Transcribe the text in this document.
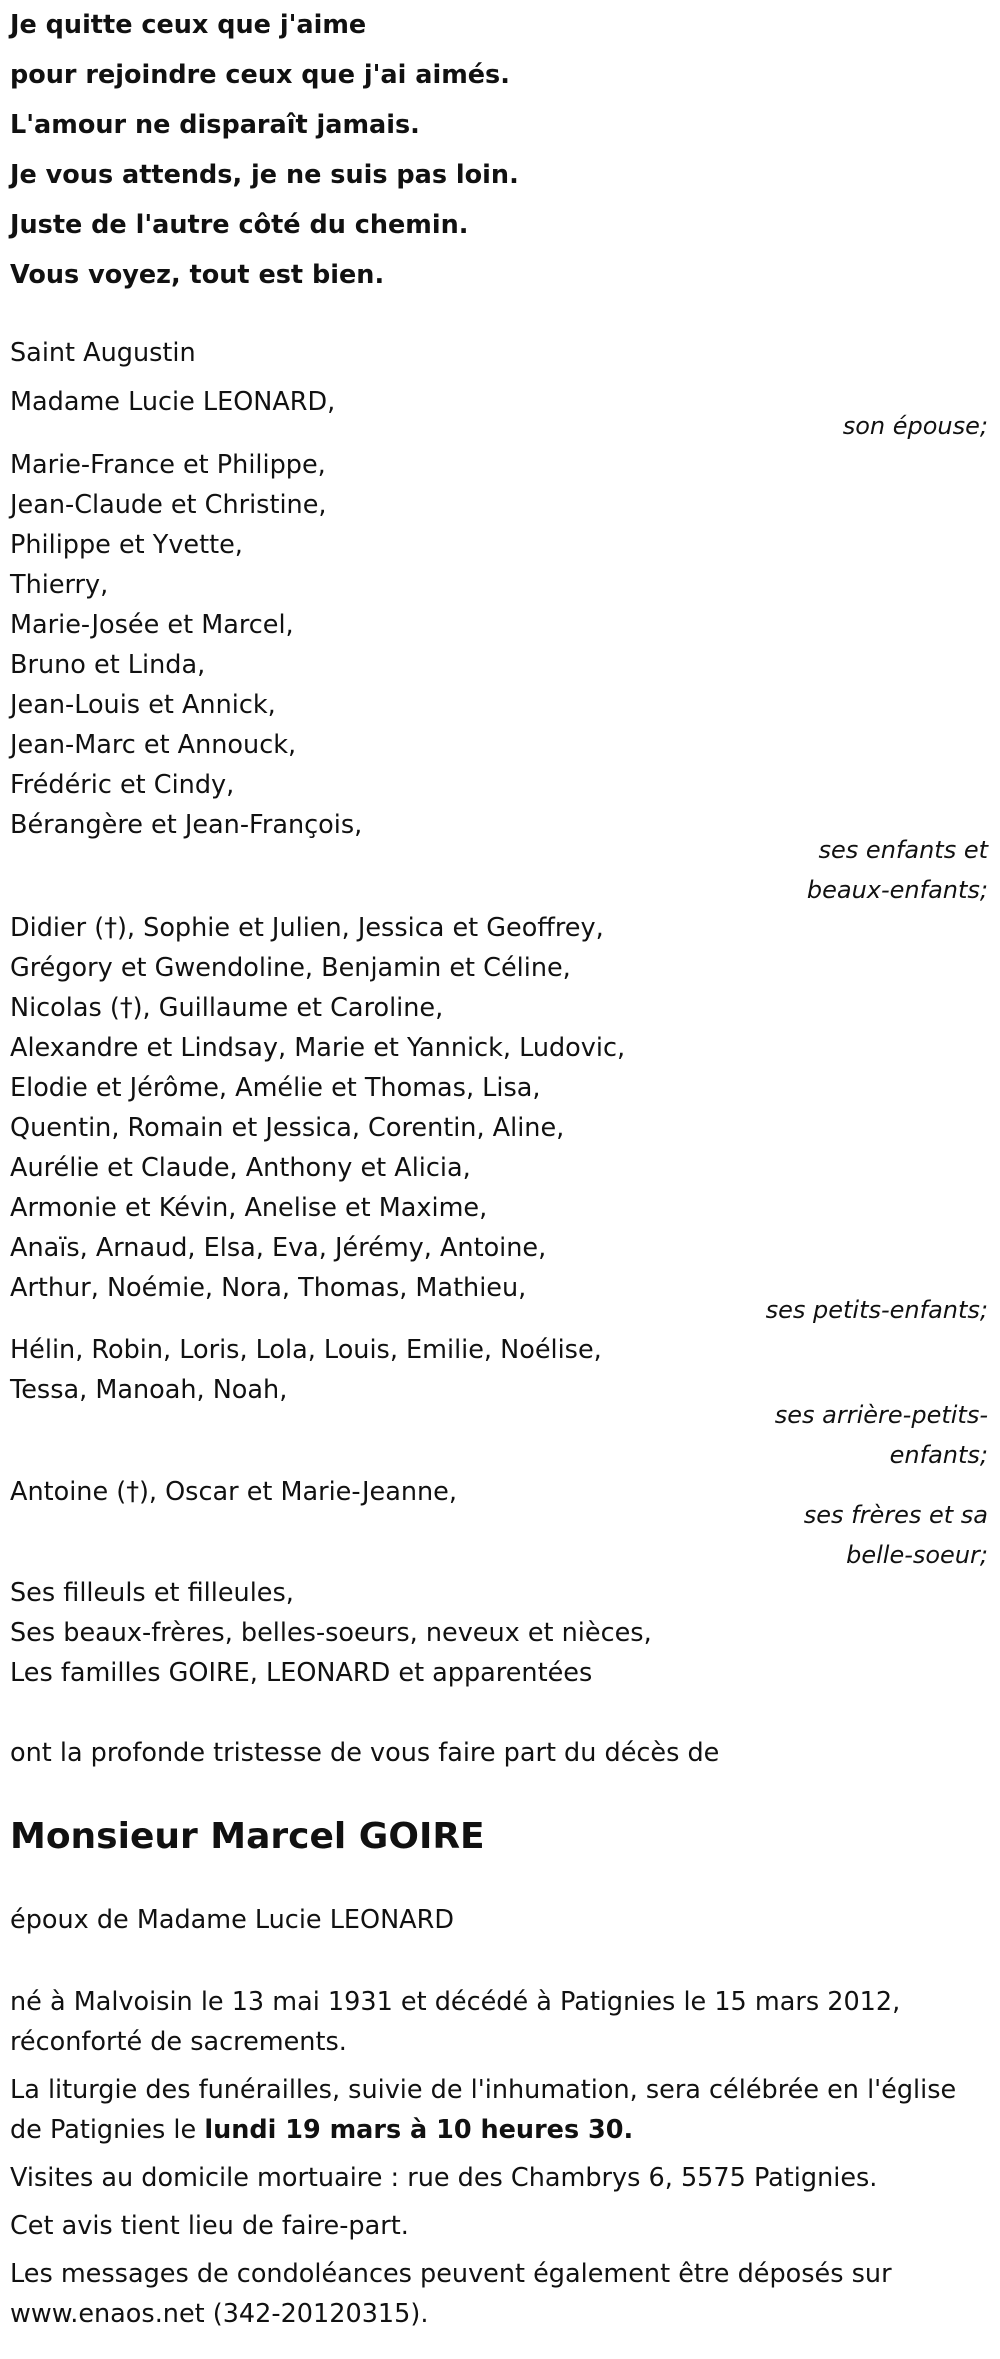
Je quitte ceux que j'aime

pour rejoindre ceux que j'ai aimés.

L'amour ne disparaît jamais.

Je vous attends, je ne suis pas loin.

Juste de l'autre côté du chemin.

Vous voyez, tout est bien.

Saint Augustin

Madame Lucie LEONARD,

son épouse;

Marie-France et Philippe,

Jean-Claude et Christine,

Philippe et Yvette,

Thierry,

Marie-Josée et Marcel,

Bruno et Linda,

Jean-Louis et Annick,

Jean-Marc et Annouck,

Frédéric et Cindy,

Bérangère et Jean-François,

ses enfants et

beaux-enfants;

Didier (†), Sophie et Julien, Jessica et Geoffrey,

Grégory et Gwendoline, Benjamin et Céline,

Nicolas (†), Guillaume et Caroline,

Alexandre et Lindsay, Marie et Yannick, Ludovic,

Elodie et Jérôme, Amélie et Thomas, Lisa,

Quentin, Romain et Jessica, Corentin, Aline,

Aurélie et Claude, Anthony et Alicia,

Armonie et Kévin, Anelise et Maxime,

Anaïs, Arnaud, Elsa, Eva, Jérémy, Antoine,

Arthur, Noémie, Nora, Thomas, Mathieu,

ses petits-enfants;

Hélin, Robin, Loris, Lola, Louis, Emilie, Noélise,

Tessa, Manoah, Noah,

ses arrière-petits-

enfants;

Antoine (†), Oscar et Marie-Jeanne,

ses frères et sa

belle-soeur;

Ses filleuls et filleules,

Ses beaux-frères, belles-soeurs, neveux et nièces,

Les familles GOIRE, LEONARD et apparentées

ont la profonde tristesse de vous faire part du décès de

Monsieur Marcel GOIRE

époux de Madame Lucie LEONARD

né à Malvoisin le 13 mai 1931 et décédé à Patignies le 15 mars 2012,

réconforté de sacrements.

La liturgie des funérailles, suivie de l'inhumation, sera célébrée en l'église

de Patignies le lundi 19 mars à 10 heures 30.

Visites au domicile mortuaire : rue des Chambrys 6, 5575 Patignies.

Cet avis tient lieu de faire-part.

Les messages de condoléances peuvent également être déposés sur

www.enaos.net (342-20120315).
